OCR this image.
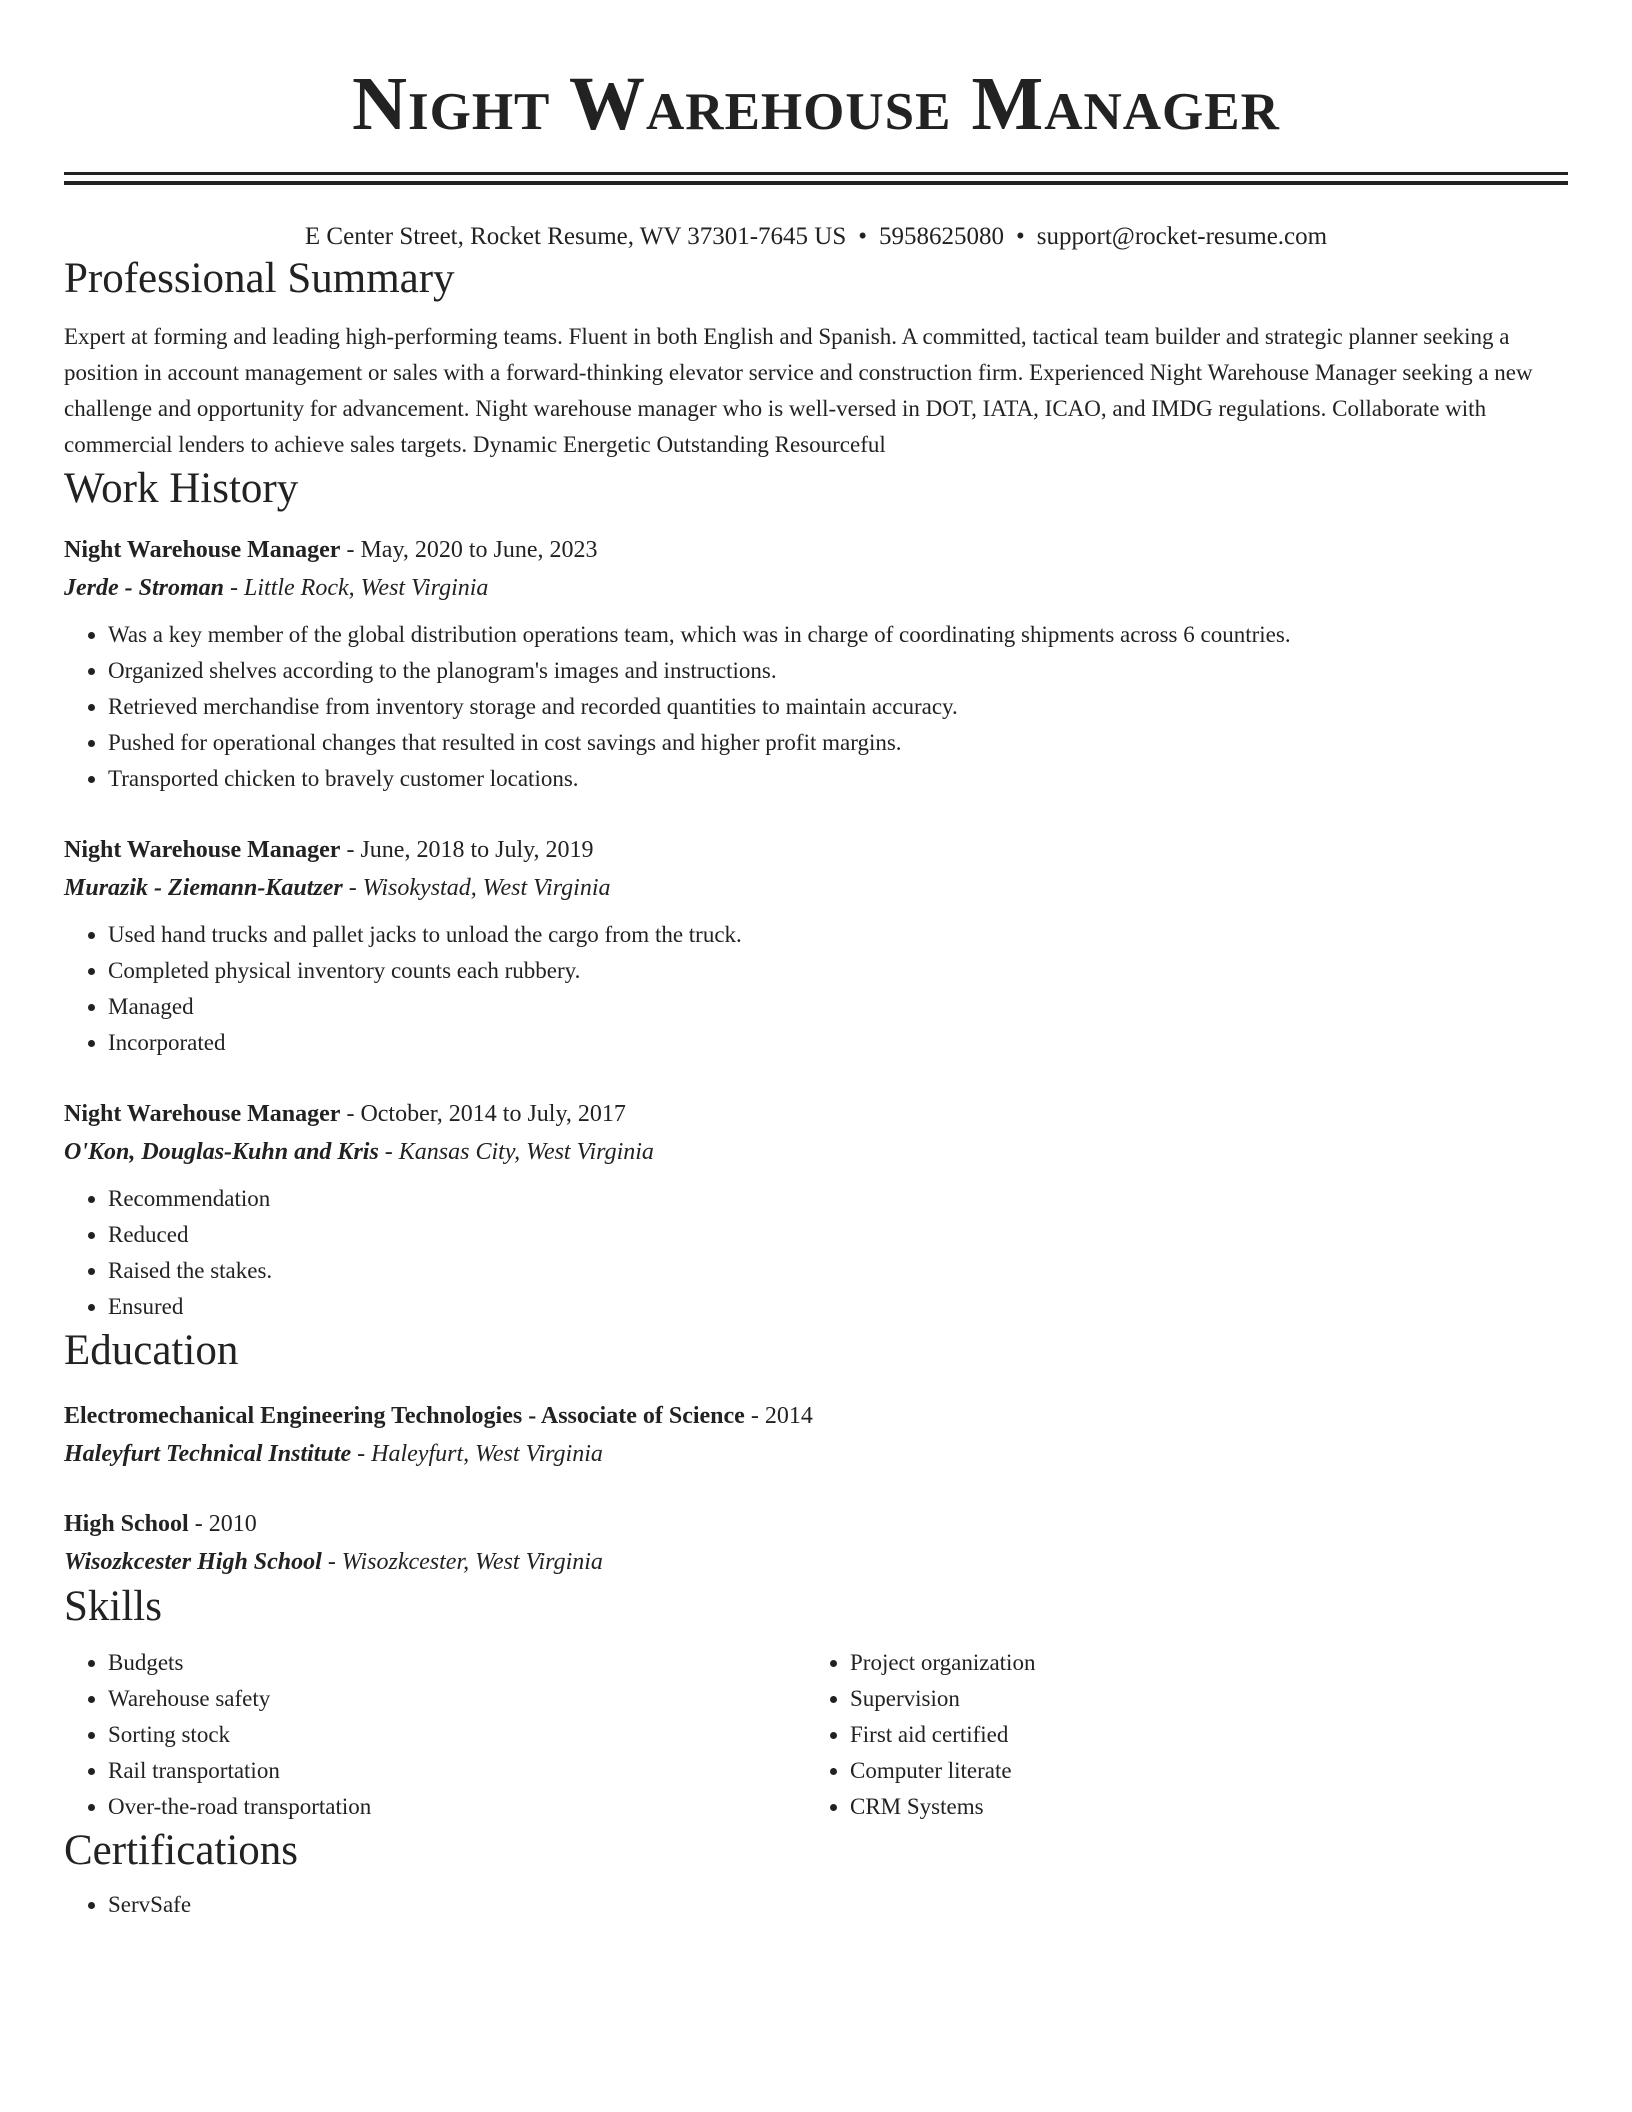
Night Warehouse Manager
E Center Street, Rocket Resume, WV 37301-7645 US • 5958625080 • support@rocket-resume.com
Professional Summary

Expert at forming and leading high-performing teams. Fluent in both English and Spanish. A committed, tactical team builder and strategic planner seeking a position in account management or sales with a forward-thinking elevator service and construction firm. Experienced Night Warehouse Manager seeking a new challenge and opportunity for advancement. Night warehouse manager who is well-versed in DOT, IATA, ICAO, and IMDG regulations. Collaborate with commercial lenders to achieve sales targets. Dynamic Energetic Outstanding Resourceful

Work History
Night Warehouse Manager - May, 2020 to June, 2023
Jerde - Stroman - Little Rock, West Virginia
• Was a key member of the global distribution operations team, which was in charge of coordinating shipments across 6 countries.
• Organized shelves according to the planogram's images and instructions.
• Retrieved merchandise from inventory storage and recorded quantities to maintain accuracy.
• Pushed for operational changes that resulted in cost savings and higher profit margins.
• Transported chicken to bravely customer locations.
Night Warehouse Manager - June, 2018 to July, 2019
Murazik - Ziemann-Kautzer - Wisokystad, West Virginia
• Used hand trucks and pallet jacks to unload the cargo from the truck.
• Completed physical inventory counts each rubbery.
• Managed
• Incorporated
Night Warehouse Manager - October, 2014 to July, 2017
O'Kon, Douglas-Kuhn and Kris - Kansas City, West Virginia
• Recommendation
• Reduced
• Raised the stakes.
• Ensured
Education
Electromechanical Engineering Technologies - Associate of Science - 2014
Haleyfurt Technical Institute - Haleyfurt, West Virginia
High School - 2010
Wisozkcester High School - Wisozkcester, West Virginia
Skills
• Budgets
• Warehouse safety
• Sorting stock
• Rail transportation
• Over-the-road transportation
• Project organization
• Supervision
• First aid certified
• Computer literate
• CRM Systems
Certifications
• ServSafe
